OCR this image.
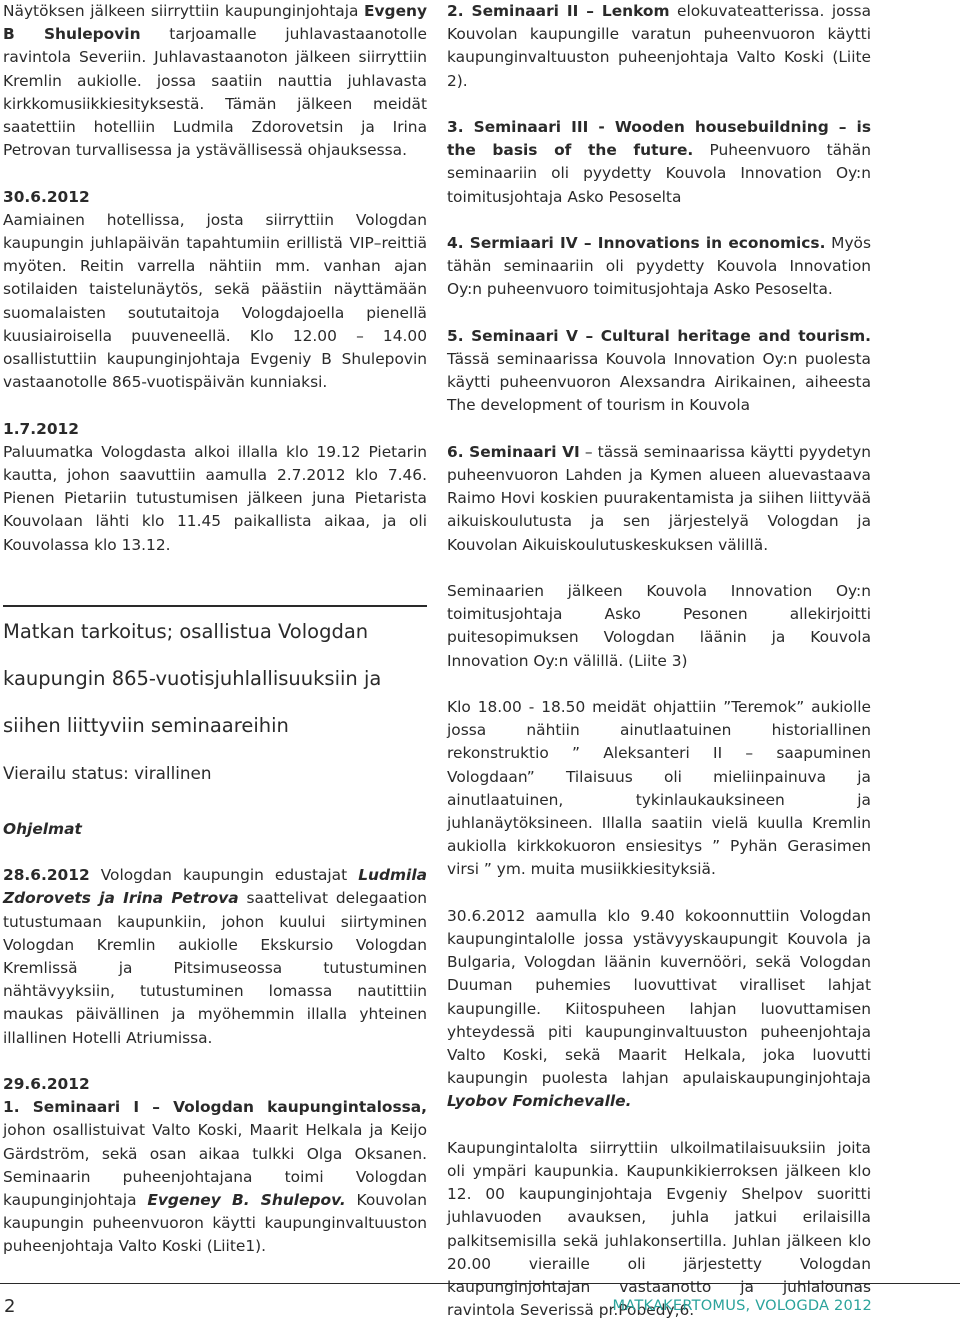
Näytöksen jälkeen siirryttiin kaupunginjohtaja Evgeny B Shulepovin tarjoamalle juhlavastaanotolle ravintola Severiin. Juhlavastaanoton jälkeen siirryttiin Kremlin aukiolle. jossa saatiin nauttia juhlavasta kirkkomusiikkiesityksestä. Tämän jälkeen meidät saatettiin hotelliin Ludmila Zdorovetsin ja Irina Petrovan turvallisessa ja ystävällisessä ohjauksessa.

30.6.2012

Aamiainen hotellissa, josta siirryttiin Vologdan kaupungin juhlapäivän tapahtumiin erillistä VIP–reittiä myöten. Reitin varrella nähtiin mm. vanhan ajan sotilaiden taistelunäytös, sekä päästiin näyttämään suomalaisten soututaitoja Vologdajoella pienellä kuusiairoisella puuveneellä. Klo 12.00 – 14.00 osallistuttiin kaupunginjohtaja Evgeniy B Shulepovin vastaanotolle 865-vuotispäivän kunniaksi.

1.7.2012

Paluumatka Vologdasta alkoi illalla klo 19.12 Pietarin kautta, johon saavuttiin aamulla 2.7.2012 klo 7.46. Pienen Pietariin tutustumisen jälkeen juna Pietarista Kouvolaan lähti klo 11.45 paikallista aikaa, ja oli Kouvolassa klo 13.12.

Matkan tarkoitus; osallistua Vologdan

kaupungin 865-vuotisjuhlallisuuksiin ja

siihen liittyviin seminaareihin

Vierailu status: virallinen

Ohjelmat

28.6.2012 Vologdan kaupungin edustajat Ludmila Zdorovets ja Irina Petrova saattelivat delegaation tutustumaan kaupunkiin, johon kuului siirtyminen Vologdan Kremlin aukiolle Ekskursio Vologdan Kremlissä ja Pitsimuseossa tutustuminen nähtävyyksiin, tutustuminen lomassa nautittiin maukas päivällinen ja myöhemmin illalla yhteinen illallinen Hotelli Atriumissa.

29.6.2012

1. Seminaari I – Vologdan kaupungintalossa, johon osallistuivat Valto Koski, Maarit Helkala ja Keijo Gärdström, sekä osan aikaa tulkki Olga Oksanen. Seminaarin puheenjohtajana toimi Vologdan kaupunginjohtaja Evgeney B. Shulepov. Kouvolan kaupungin puheenvuoron käytti kaupunginvaltuuston puheenjohtaja Valto Koski (Liite1).

2. Seminaari II – Lenkom elokuvateatterissa. jossa Kouvolan kaupungille varatun puheenvuoron käytti kaupunginvaltuuston puheenjohtaja Valto Koski (Liite 2).

3. Seminaari III - Wooden housebuildning – is the basis of the future. Puheenvuoro tähän seminaariin oli pyydetty Kouvola Innovation Oy:n toimitusjohtaja Asko Pesoselta

4. Sermiaari IV – Innovations in economics. Myös tähän seminaariin oli pyydetty Kouvola Innovation Oy:n puheenvuoro toimitusjohtaja Asko Pesoselta.

5. Seminaari V – Cultural heritage and tourism. Tässä seminaarissa Kouvola Innovation Oy:n puolesta käytti puheenvuoron Alexsandra Airikainen, aiheesta The development of tourism in Kouvola

6. Seminaari VI – tässä seminaarissa käytti pyydetyn puheenvuoron Lahden ja Kymen alueen aluevastaava Raimo Hovi koskien puurakentamista ja siihen liittyvää aikuiskoulutusta ja sen järjestelyä Vologdan ja Kouvolan Aikuiskoulutuskeskuksen välillä.

Seminaarien jälkeen Kouvola Innovation Oy:n toimitusjohtaja Asko Pesonen allekirjoitti puitesopimuksen Vologdan läänin ja Kouvola Innovation Oy:n välillä. (Liite 3)

Klo 18.00 - 18.50 meidät ohjattiin ”Teremok” aukiolle jossa nähtiin ainutlaatuinen historiallinen rekonstruktio ” Aleksanteri II – saapuminen Vologdaan” Tilaisuus oli mieliinpainuva ja ainutlaatuinen, tykinlaukauksineen ja juhlanäytöksineen. Illalla saatiin vielä kuulla Kremlin aukiolla kirkkokuoron ensiesitys ” Pyhän Gerasimen virsi ” ym. muita musiikkiesityksiä.

30.6.2012 aamulla klo 9.40 kokoonnuttiin Vologdan kaupungintalolle jossa ystävyyskaupungit Kouvola ja Bulgaria, Vologdan läänin kuvernööri, sekä Vologdan Duuman puhemies luovuttivat viralliset lahjat kaupungille. Kiitospuheen lahjan luovuttamisen yhteydessä piti kaupunginvaltuuston puheenjohtaja Valto Koski, sekä Maarit Helkala, joka luovutti kaupungin puolesta lahjan apulaiskaupunginjohtaja Lyobov Fomichevalle.

Kaupungintalolta siirryttiin ulkoilmatilaisuuksiin joita oli ympäri kaupunkia. Kaupunkikierroksen jälkeen klo 12. 00 kaupunginjohtaja Evgeniy Shelpov suoritti juhlavuoden avauksen, juhla jatkui erilaisilla palkitsemisilla sekä juhlakonsertilla. Juhlan jälkeen klo 20.00 vieraille oli järjestetty Vologdan kaupunginjohtajan vastaanotto ja juhlalounas ravintola Severissä pr.Pobedy,6.

2	MATKAKERTOMUS, VOLOGDA 2012
